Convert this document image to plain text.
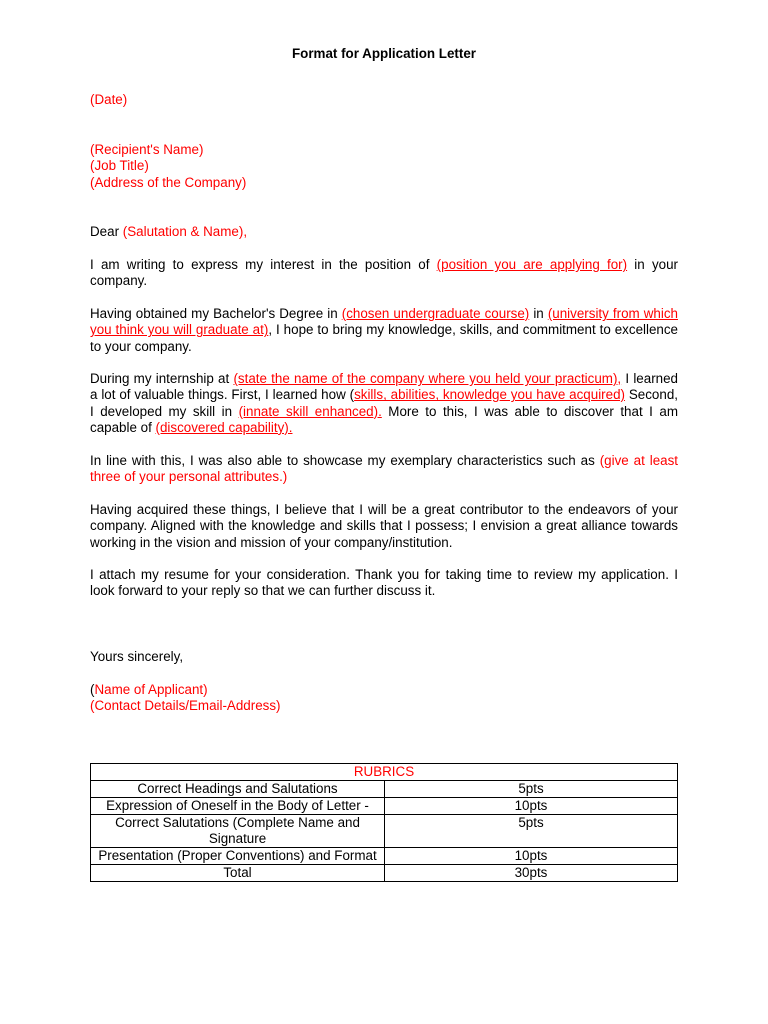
Format for Application Letter
(Date)
(Recipient's Name)
(Job Title)
(Address of the Company)
Dear (Salutation & Name),
I am writing to express my interest in the position of (position you are applying for) in your company.
Having obtained my Bachelor's Degree in (chosen undergraduate course) in (university from which you think you will graduate at), I hope to bring my knowledge, skills, and commitment to excellence to your company.
During my internship at (state the name of the company where you held your practicum), I learned a lot of valuable things. First, I learned how (skills, abilities, knowledge you have acquired) Second, I developed my skill in (innate skill enhanced). More to this, I was able to discover that I am capable of (discovered capability).
In line with this, I was also able to showcase my exemplary characteristics such as (give at least three of your personal attributes.)
Having acquired these things, I believe that I will be a great contributor to the endeavors of your company. Aligned with the knowledge and skills that I possess; I envision a great alliance towards working in the vision and mission of your company/institution.
I attach my resume for your consideration. Thank you for taking time to review my application. I look forward to your reply so that we can further discuss it.
Yours sincerely,
(Name of Applicant)
(Contact Details/Email-Address)
RUBRICS	
Correct Headings and Salutations	5pts
Expression of Oneself in the Body of Letter -	10pts
Correct Salutations (Complete Name and Signature	5pts
Presentation (Proper Conventions) and Format	10pts
Total	30pts
